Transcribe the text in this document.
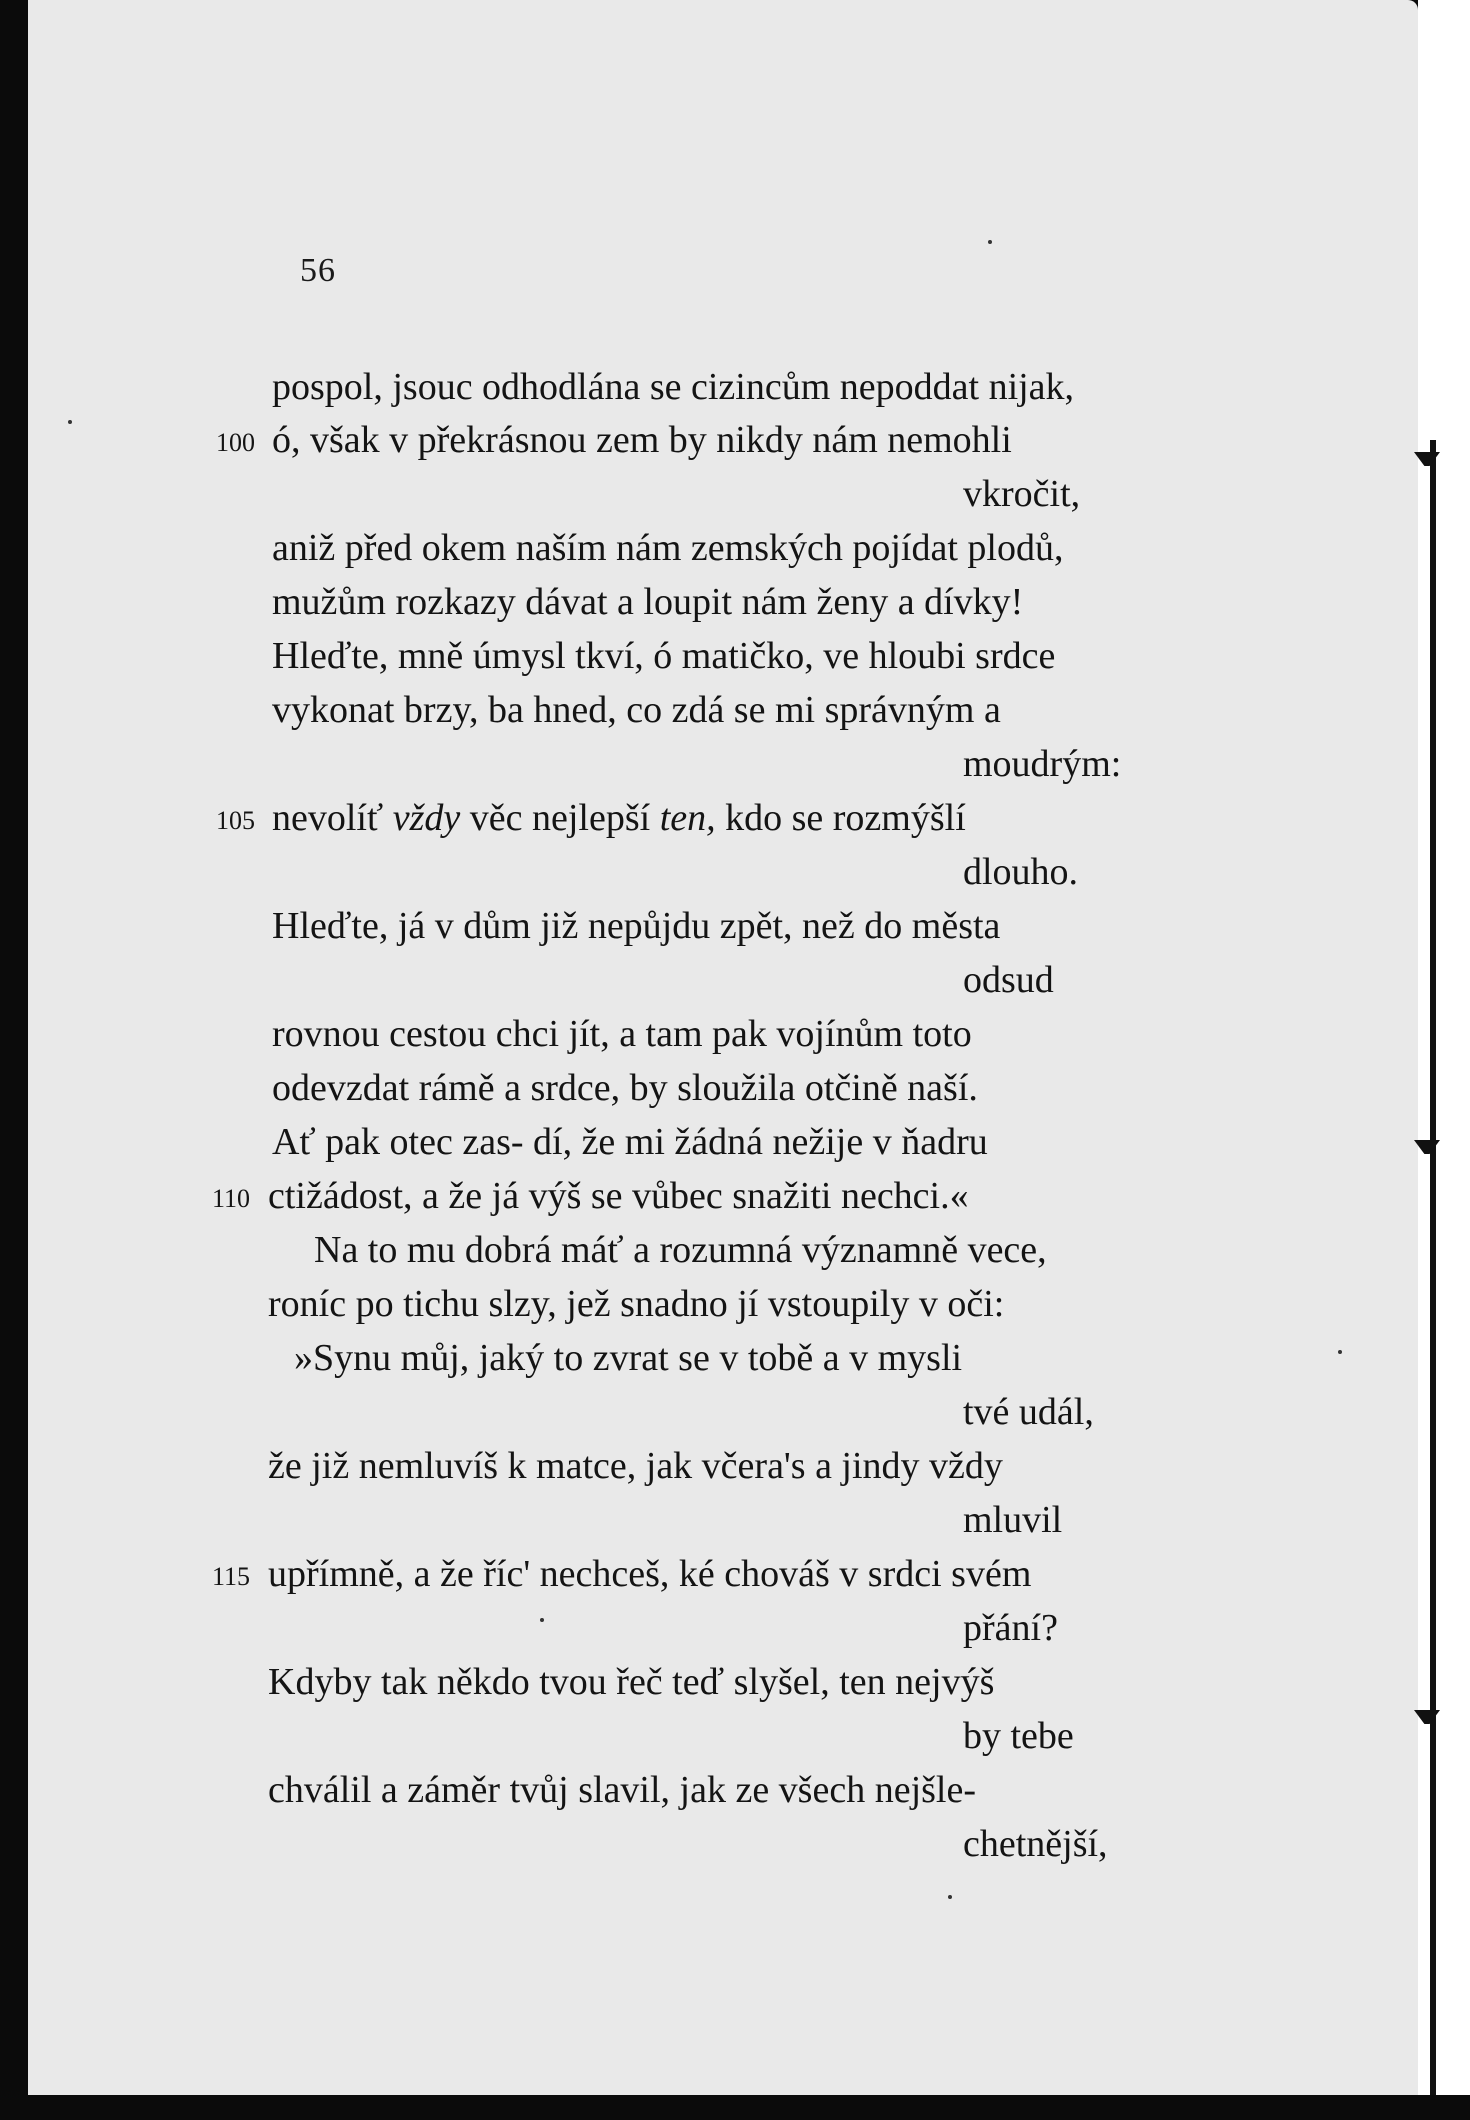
56
pospol, jsouc odhodlána se cizincům nepoddat nijak,
100 ó, však v překrásnou zem by nikdy nám nemohli
vkročit,
aniž před okem naším nám zemských pojídat plodů,
mužům rozkazy dávat a loupit nám ženy a dívky!
Hleďte, mně úmysl tkví, ó matičko, ve hloubi srdce
vykonat brzy, ba hned, co zdá se mi správným a
moudrým:
105 nevolíť vždy věc nejlepší ten, kdo se rozmýšlí
dlouho.
Hleďte, já v dům již nepůjdu zpět, než do města
odsud
rovnou cestou chci jít, a tam pak vojínům toto
odevzdat rámě a srdce, by sloužila otčině naší.
Ať pak otec zas- dí, že mi žádná nežije v ňadru
110 ctižádost, a že já výš se vůbec snažiti nechci.«
Na to mu dobrá máť a rozumná významně vece,
roníc po tichu slzy, jež snadno jí vstoupily v oči:
»Synu můj, jaký to zvrat se v tobě a v mysli
tvé udál,
že již nemluvíš k matce, jak včera's a jindy vždy
mluvil
115 upřímně, a že říc' nechceš, ké chováš v srdci svém
přání?
Kdyby tak někdo tvou řeč teď slyšel, ten nejvýš
by tebe
chválil a záměr tvůj slavil, jak ze všech nejšle-
chetnější,
